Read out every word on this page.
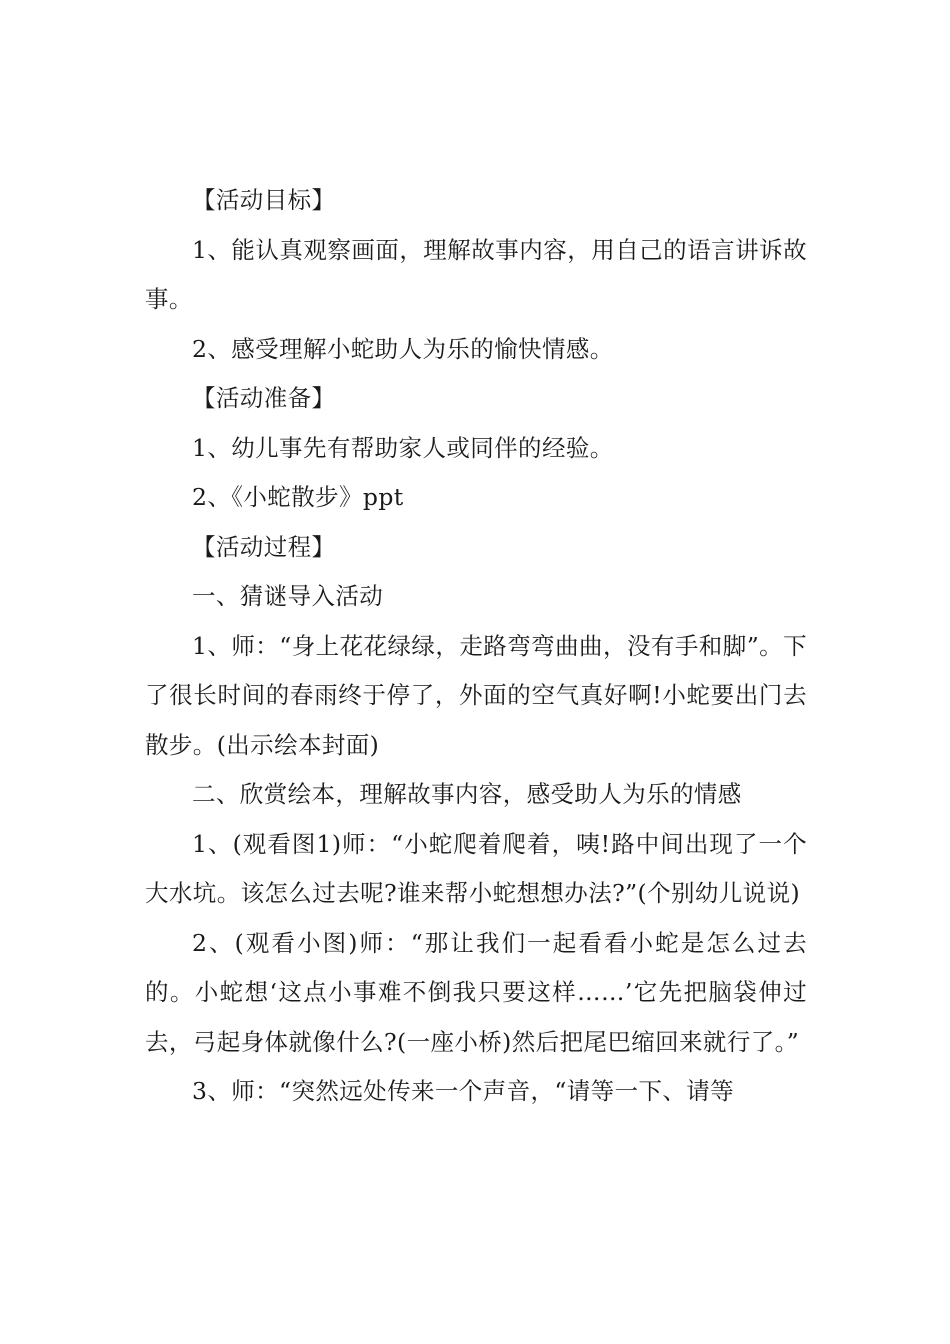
【活动目标】

1、能认真观察画面，理解故事内容，用自己的语言讲诉故事。

2、感受理解小蛇助人为乐的愉快情感。

【活动准备】

1、幼儿事先有帮助家人或同伴的经验。

2、《小蛇散步》ppt

【活动过程】

一、猜谜导入活动

1、师：“身上花花绿绿，走路弯弯曲曲，没有手和脚”。下了很长时间的春雨终于停了，外面的空气真好啊!小蛇要出门去散步。(出示绘本封面)

二、欣赏绘本，理解故事内容，感受助人为乐的情感

1、(观看图1)师：“小蛇爬着爬着，咦!路中间出现了一个大水坑。该怎么过去呢?谁来帮小蛇想想办法?”(个别幼儿说说)

2、(观看小图)师：“那让我们一起看看小蛇是怎么过去的。小蛇想‘这点小事难不倒我只要这样……’它先把脑袋伸过去，弓起身体就像什么?(一座小桥)然后把尾巴缩回来就行了。”

3、师：“突然远处传来一个声音，“请等一下、请等
